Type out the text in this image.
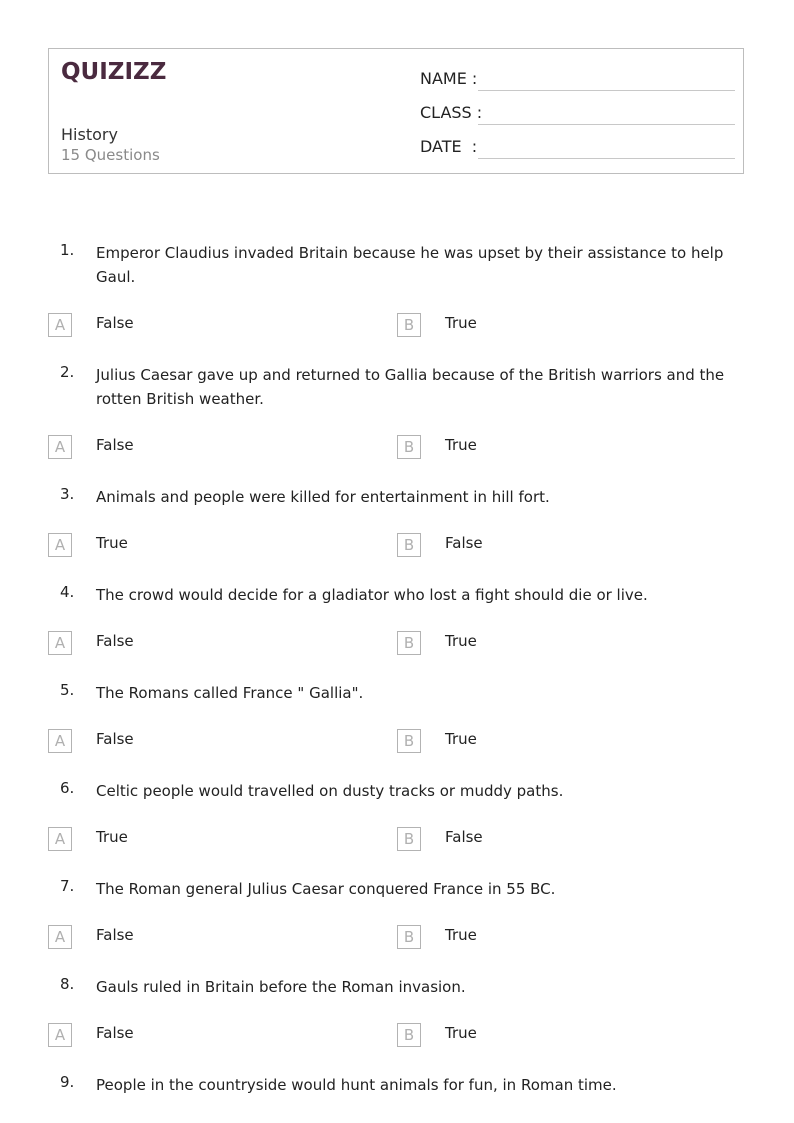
QUIZIZZ
History
15 Questions
NAME :
CLASS :
DATE  :
1. Emperor Claudius invaded Britain because he was upset by their assistance to help Gaul.
A	False	B	True
2. Julius Caesar gave up and returned to Gallia because of the British warriors and the rotten British weather.
A	False	B	True
3. Animals and people were killed for entertainment in hill fort.
A	True	B	False
4. The crowd would decide for a gladiator who lost a fight should die or live.
A	False	B	True
5. The Romans called France " Gallia".
A	False	B	True
6. Celtic people would travelled on dusty tracks or muddy paths.
A	True	B	False
7. The Roman general Julius Caesar conquered France in 55 BC.
A	False	B	True
8. Gauls ruled in Britain before the Roman invasion.
A	False	B	True
9. People in the countryside would hunt animals for fun, in Roman time.
